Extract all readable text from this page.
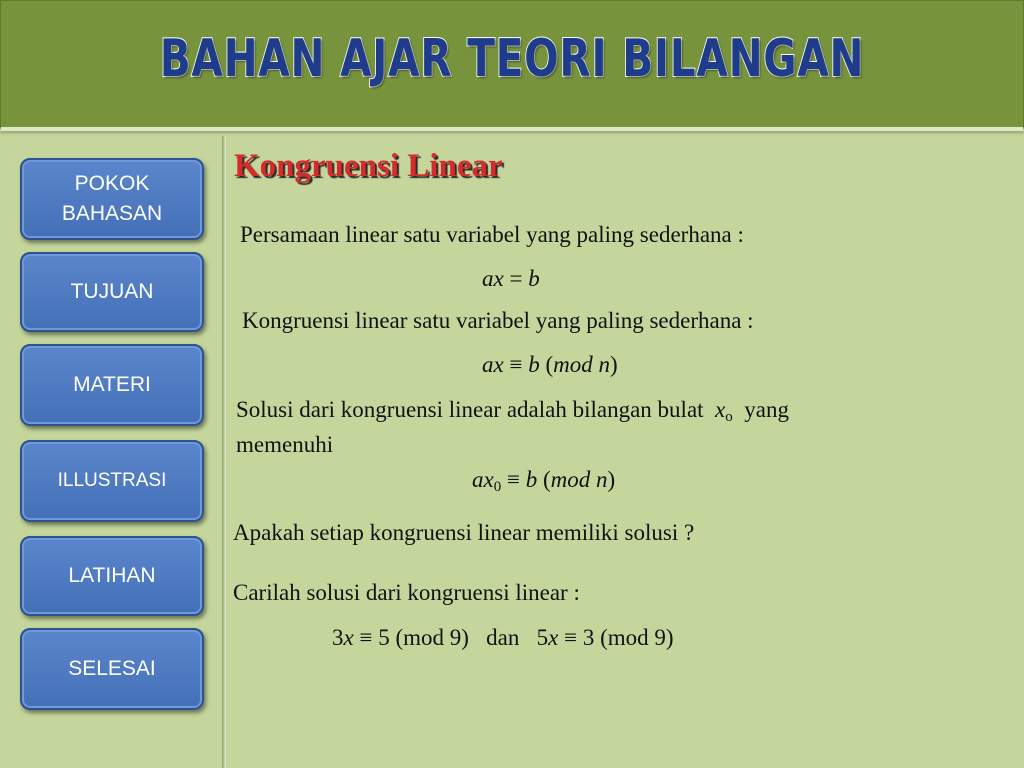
BAHAN AJAR TEORI BILANGAN
POKOK
BAHASAN
TUJUAN
MATERI
ILLUSTRASI
LATIHAN
SELESAI
Kongruensi Linear
Persamaan linear satu variabel yang paling sederhana :
ax = b
Kongruensi linear satu variabel yang paling sederhana :
ax ≡ b (mod n)
Solusi dari kongruensi linear adalah bilangan bulat $x_o$ yang
memenuhi
$ax_0 \equiv b$ (mod n)
Apakah setiap kongruensi linear memiliki solusi ?
Carilah solusi dari kongruensi linear :
3x ≡ 5 (mod 9) dan 5x ≡ 3 (mod 9)
